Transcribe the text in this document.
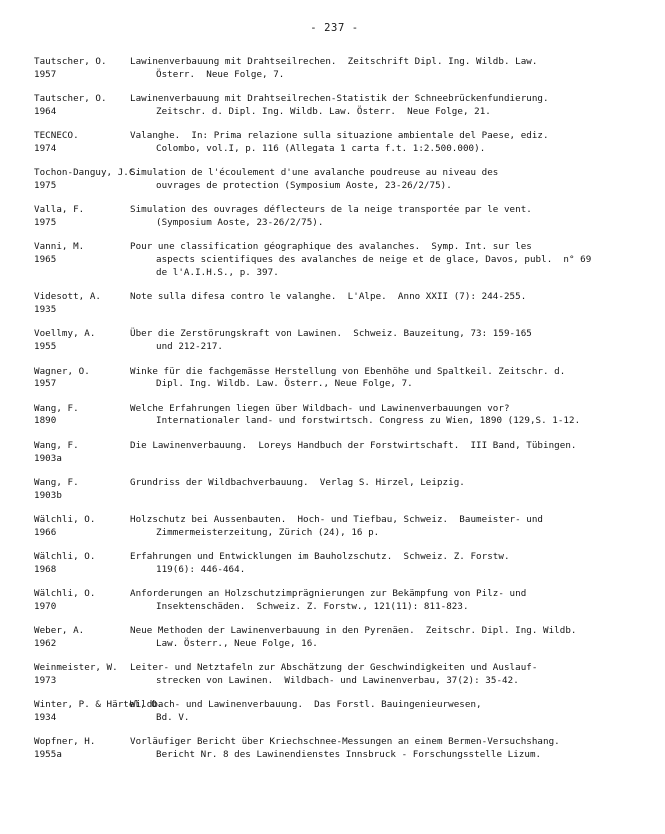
- 237 -
Tautscher, O.
1957
Lawinenverbauung mit Drahtseilrechen.  Zeitschrift Dipl. Ing. Wildb. Law.
Österr.  Neue Folge, 7.
Tautscher, O.
1964
Lawinenverbauung mit Drahtseilrechen-Statistik der Schneebrückenfundierung.
Zeitschr. d. Dipl. Ing. Wildb. Law. Österr.  Neue Folge, 21.
TECNECO.
1974
Valanghe.  In: Prima relazione sulla situazione ambientale del Paese, ediz.
Colombo, vol.I, p. 116 (Allegata 1 carta f.t. 1:2.500.000).
Tochon-Danguy, J.C.
1975
Simulation de l'écoulement d'une avalanche poudreuse au niveau des
ouvrages de protection (Symposium Aoste, 23-26/2/75).
Valla, F.
1975
Simulation des ouvrages déflecteurs de la neige transportée par le vent.
(Symposium Aoste, 23-26/2/75).
Vanni, M.
1965
Pour une classification géographique des avalanches.  Symp. Int. sur les
aspects scientifiques des avalanches de neige et de glace, Davos, publ.  n° 69
de l'A.I.H.S., p. 397.
Videsott, A.
1935
Note sulla difesa contro le valanghe.  L'Alpe.  Anno XXII (7): 244-255.
Voellmy, A.
1955
Über die Zerstörungskraft von Lawinen.  Schweiz. Bauzeitung, 73: 159-165
und 212-217.
Wagner, O.
1957
Winke für die fachgemässe Herstellung von Ebenhöhe und Spaltkeil. Zeitschr. d.
Dipl. Ing. Wildb. Law. Österr., Neue Folge, 7.
Wang, F.
1890
Welche Erfahrungen liegen über Wildbach- und Lawinenverbauungen vor?
Internationaler land- und forstwirtsch. Congress zu Wien, 1890 (129,S. 1-12.
Wang, F.
1903a
Die Lawinenverbauung.  Loreys Handbuch der Forstwirtschaft.  III Band, Tübingen.
Wang, F.
1903b
Grundriss der Wildbachverbauung.  Verlag S. Hirzel, Leipzig.
Wälchli, O.
1966
Holzschutz bei Aussenbauten.  Hoch- und Tiefbau, Schweiz.  Baumeister- und
Zimmermeisterzeitung, Zürich (24), 16 p.
Wälchli, O.
1968
Erfahrungen und Entwicklungen im Bauholzschutz.  Schweiz. Z. Forstw.
119(6): 446-464.
Wälchli, O.
1970
Anforderungen an Holzschutzimprägnierungen zur Bekämpfung von Pilz- und
Insektenschäden.  Schweiz. Z. Forstw., 121(11): 811-823.
Weber, A.
1962
Neue Methoden der Lawinenverbauung in den Pyrenäen.  Zeitschr. Dipl. Ing. Wildb.
Law. Österr., Neue Folge, 16.
Weinmeister, W.
1973
Leiter- und Netztafeln zur Abschätzung der Geschwindigkeiten und Auslauf-
strecken von Lawinen.  Wildbach- und Lawinenverbau, 37(2): 35-42.
Winter, P. & Härtel, O.
1934
Wildbach- und Lawinenverbauung.  Das Forstl. Bauingenieurwesen,
Bd. V.
Wopfner, H.
1955a
Vorläufiger Bericht über Kriechschnee-Messungen an einem Bermen-Versuchshang.
Bericht Nr. 8 des Lawinendienstes Innsbruck - Forschungsstelle Lizum.
